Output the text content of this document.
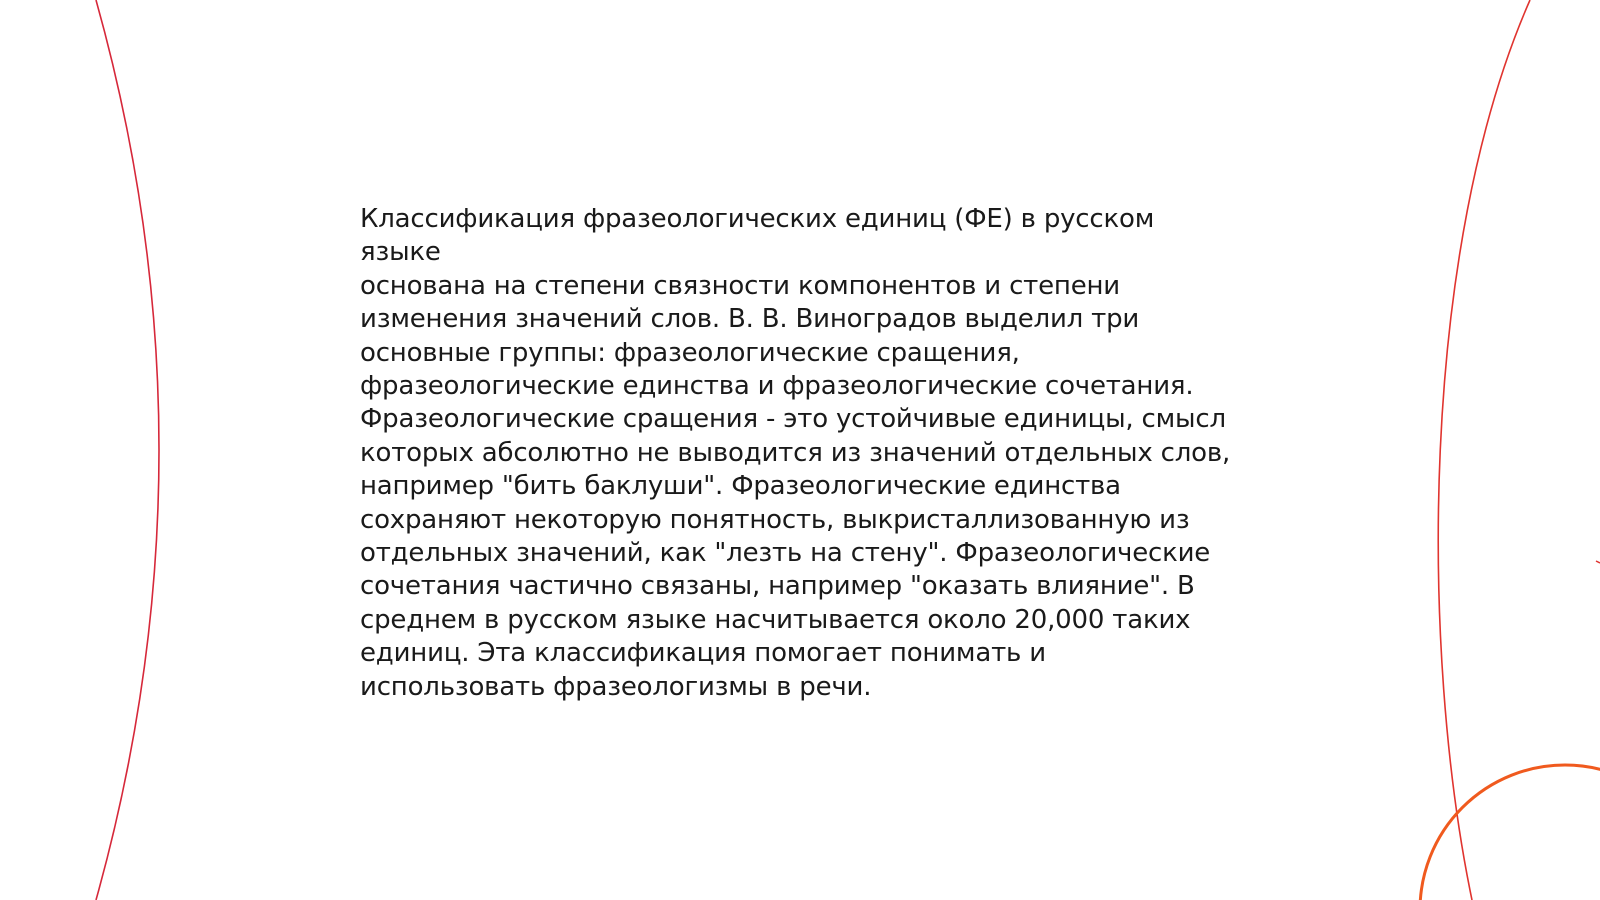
Классификация фразеологических единиц (ФЕ) в русском языке
основана на степени связности компонентов и степени
изменения значений слов. В. В. Виноградов выделил три
основные группы: фразеологические сращения,
фразеологические единства и фразеологические сочетания.
Фразеологические сращения - это устойчивые единицы, смысл
которых абсолютно не выводится из значений отдельных слов,
например "бить баклуши". Фразеологические единства
сохраняют некоторую понятность, выкристаллизованную из
отдельных значений, как "лезть на стену". Фразеологические
сочетания частично связаны, например "оказать влияние". В
среднем в русском языке насчитывается около 20,000 таких
единиц. Эта классификация помогает понимать и
использовать фразеологизмы в речи.
